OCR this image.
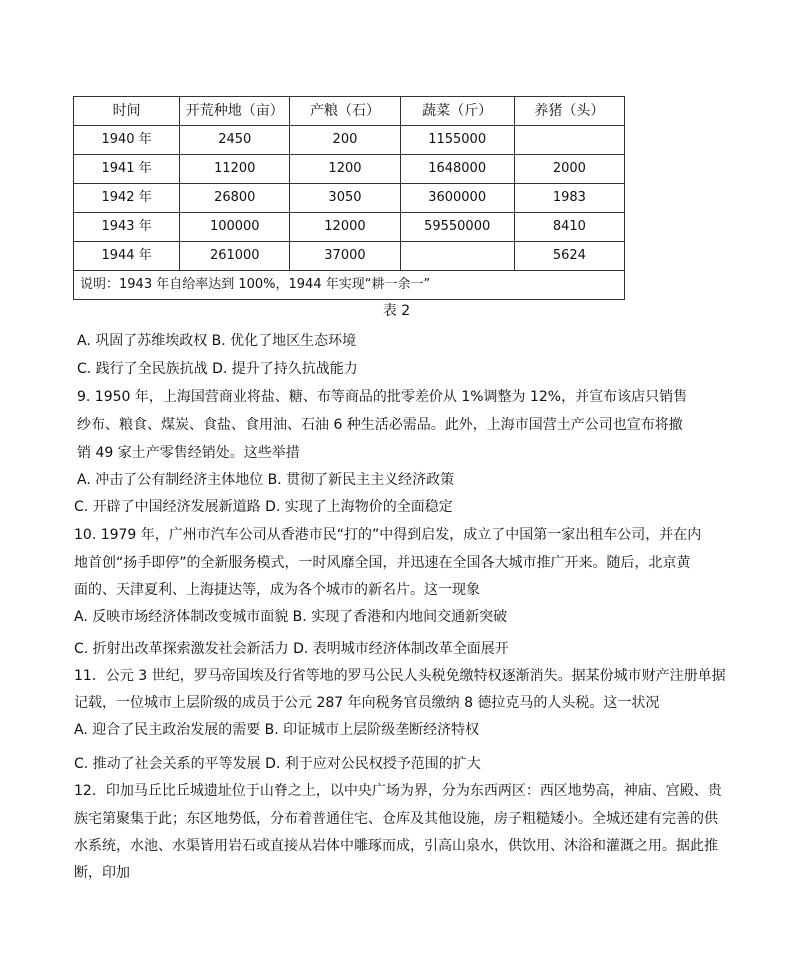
时间	开荒种地（亩）	产粮（石）	蔬菜（斤）	养猪（头）
1940 年	2450	200	1155000	
1941 年	11200	1200	1648000	2000
1942 年	26800	3050	3600000	1983
1943 年	100000	12000	59550000	8410
1944 年	261000	37000		5624
说明：1943 年自给率达到 100%，1944 年实现“耕一余一”				
表 2
A. 巩固了苏维埃政权 B. 优化了地区生态环境
C. 践行了全民族抗战 D. 提升了持久抗战能力
9. 1950 年，上海国营商业将盐、糖、布等商品的批零差价从 1%调整为 12%，并宣布该店只销售
纱布、粮食、煤炭、食盐、食用油、石油 6 种生活必需品。此外，上海市国营土产公司也宣布将撤
销 49 家土产零售经销处。这些举措
A. 冲击了公有制经济主体地位 B. 贯彻了新民主主义经济政策
C. 开辟了中国经济发展新道路 D. 实现了上海物价的全面稳定
10. 1979 年，广州市汽车公司从香港市民“打的”中得到启发，成立了中国第一家出租车公司，并在内
地首创“扬手即停”的全新服务模式，一时风靡全国，并迅速在全国各大城市推广开来。随后，北京黄
面的、天津夏利、上海捷达等，成为各个城市的新名片。这一现象
A. 反映市场经济体制改变城市面貌 B. 实现了香港和内地间交通新突破
C. 折射出改革探索激发社会新活力 D. 表明城市经济体制改革全面展开
11．公元 3 世纪，罗马帝国埃及行省等地的罗马公民人头税免缴特权逐渐消失。据某份城市财产注册单据
记载，一位城市上层阶级的成员于公元 287 年向税务官员缴纳 8 德拉克马的人头税。这一状况
A. 迎合了民主政治发展的需要 B. 印证城市上层阶级垄断经济特权
C. 推动了社会关系的平等发展 D. 利于应对公民权授予范围的扩大
12．印加马丘比丘城遗址位于山脊之上，以中央广场为界，分为东西两区：西区地势高，神庙、宫殿、贵
族宅第聚集于此；东区地势低，分布着普通住宅、仓库及其他设施，房子粗糙矮小。全城还建有完善的供
水系统，水池、水渠皆用岩石或直接从岩体中雕琢而成，引高山泉水，供饮用、沐浴和灌溉之用。据此推
断，印加
